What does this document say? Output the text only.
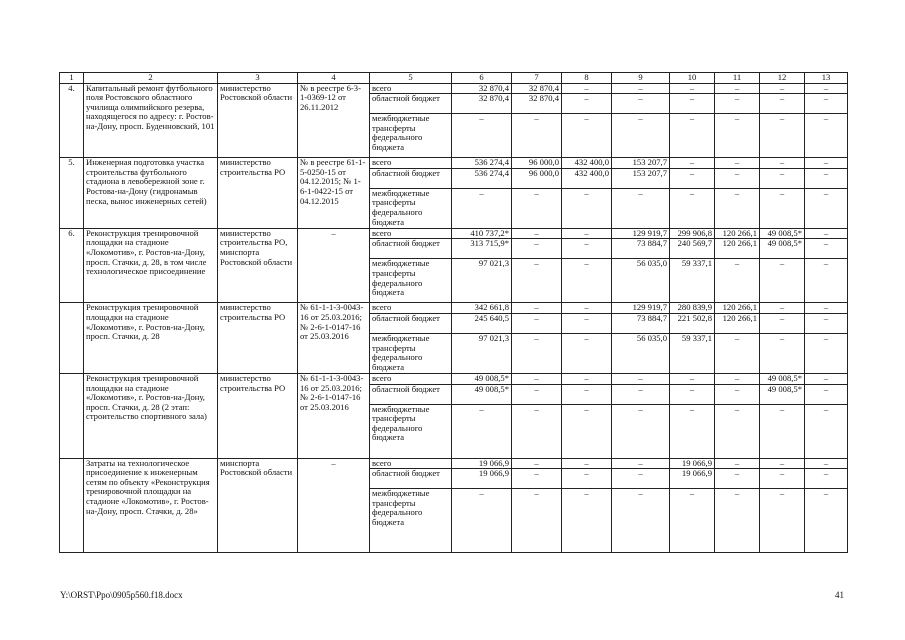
1	2	3	4	5	6	7	8	9	10	11	12	13
4.	Капитальный ремонт футбольного поля Ростовского областного училища олимпийского резерва, находящегося по адресу: г. Ростов-на-Дону, просп. Буденновский, 101	министерство Ростовской области	№ в реестре 6-3-1-0369-12 от 26.11.2012	всего	32 870,4	32 870,4	–	–	–	–	–	–
				областной бюджет	32 870,4	32 870,4	–	–	–	–	–	–
				межбюджетные трансферты федерального бюджета	–	–	–	–	–	–	–	–
5.	Инженерная подготовка участка строительства футбольного стадиона в левобережной зоне г. Ростова-на-Дону (гидронамыв песка, вынос инженерных сетей)	министерство строительства РО	№ в реестре 61-1-5-0250-15 от 04.12.2015; № 1-6-1-0422-15 от 04.12.2015	всего	536 274,4	96 000,0	432 400,0	153 207,7	–	–	–	–
				областной бюджет	536 274,4	96 000,0	432 400,0	153 207,7	–	–	–	–
				межбюджетные трансферты федерального бюджета	–	–	–	–	–	–	–	–
6.	Реконструкция тренировочной площадки на стадионе «Локомотив», г. Ростов-на-Дону, просп. Стачки, д. 28, в том числе технологическое присоединение	министерство строительства РО, минспорта Ростовской области	–	всего	410 737,2*	–	–	129 919,7	299 906,8	120 266,1	49 008,5*	–
				областной бюджет	313 715,9*	–	–	73 884,7	240 569,7	120 266,1	49 008,5*	–
				межбюджетные трансферты федерального бюджета	97 021,3	–	–	56 035,0	59 337,1	–	–	–
	Реконструкция тренировочной площадки на стадионе «Локомотив», г. Ростов-на-Дону, просп. Стачки, д. 28	министерство строительства РО	№ 61-1-1-3-0043-16 от 25.03.2016; № 2-6-1-0147-16 от 25.03.2016	всего	342 661,8	–	–	129 919,7	280 839,9	120 266,1	–	–
				областной бюджет	245 640,5	–	–	73 884,7	221 502,8	120 266,1	–	–
				межбюджетные трансферты федерального бюджета	97 021,3	–	–	56 035,0	59 337,1	–	–	–
	Реконструкция тренировочной площадки на стадионе «Локомотив», г. Ростов-на-Дону, просп. Стачки, д. 28 (2 этап: строительство спортивного зала)	министерство строительства РО	№ 61-1-1-3-0043-16 от 25.03.2016; № 2-6-1-0147-16 от 25.03.2016	всего	49 008,5*	–	–	–	–	–	49 008,5*	–
				областной бюджет	49 008,5*	–	–	–	–	–	49 008,5*	–
				межбюджетные трансферты федерального бюджета	–	–	–	–	–	–	–	–
	Затраты на технологическое присоединение к инженерным сетям по объекту «Реконструкция тренировочной площадки на стадионе «Локомотив», г. Ростов-на-Дону, просп. Стачки, д. 28»	минспорта Ростовской области	–	всего	19 066,9	–	–	–	19 066,9	–	–	–
				областной бюджет	19 066,9	–	–	–	19 066,9	–	–	–
				межбюджетные трансферты федерального бюджета	–	–	–	–	–	–	–	–
Y:\ORST\Ppo\0905p560.f18.docx	41
